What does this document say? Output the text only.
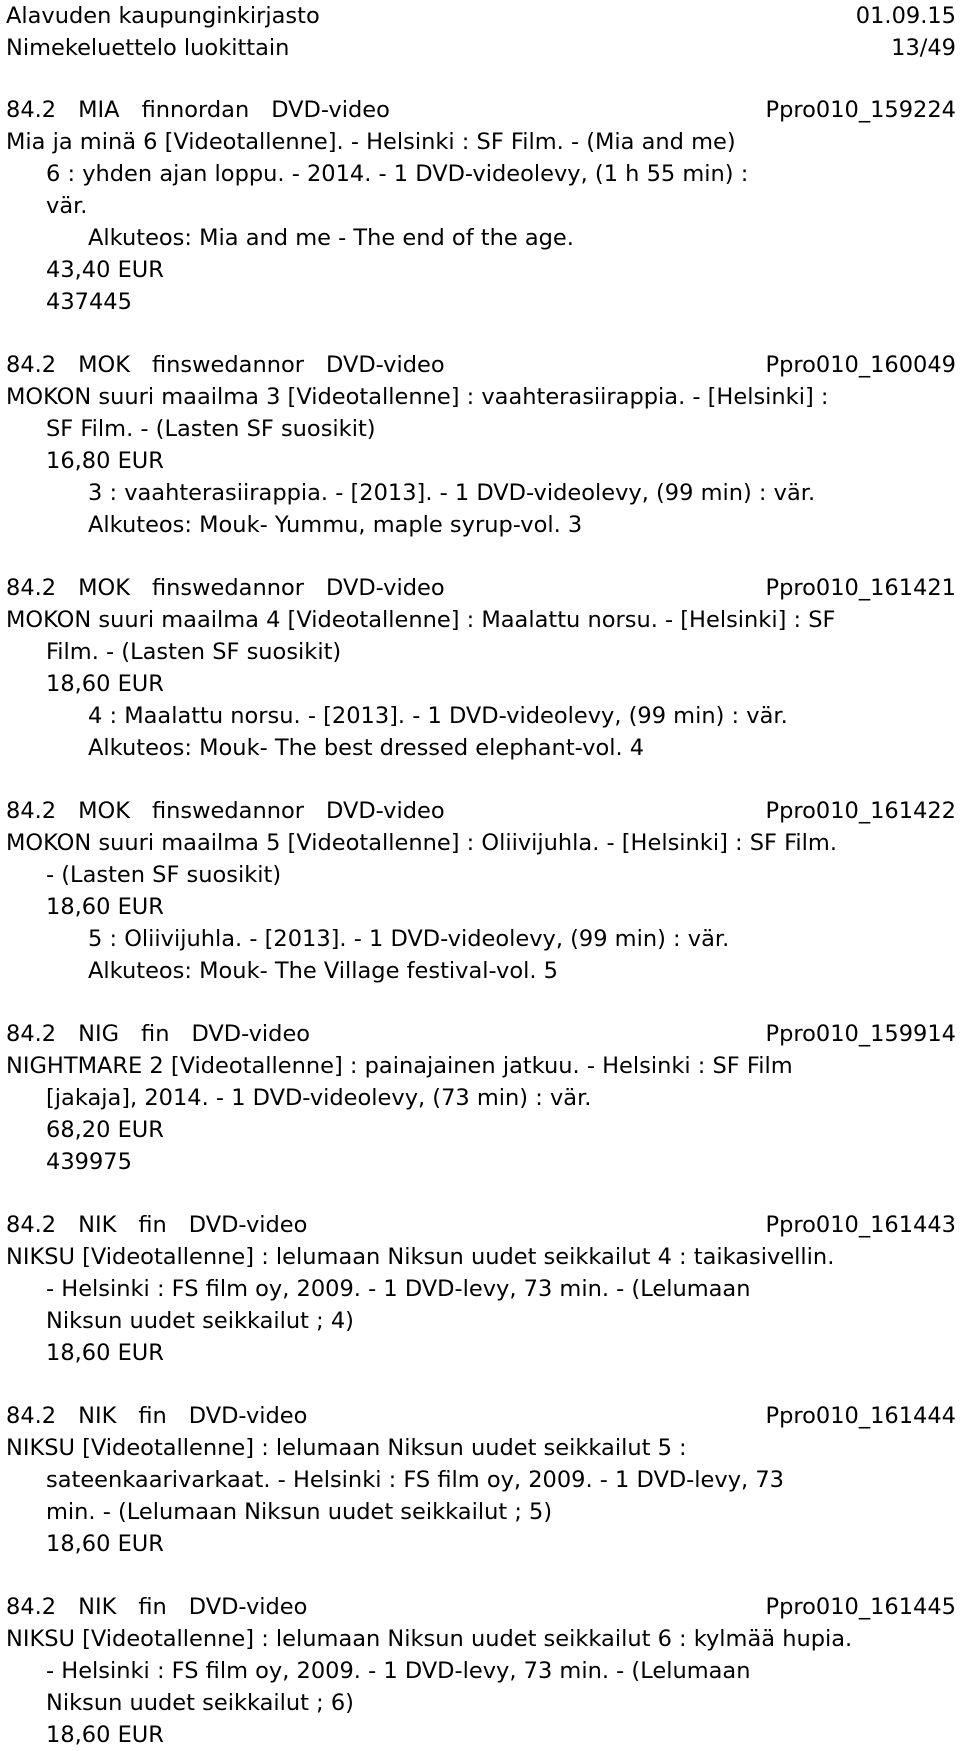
Alavuden kaupunginkirjasto	01.09.15
Nimekeluettelo luokittain	13/49
84.2 MIA finnordan DVD-video	Ppro010_159224
Mia ja minä 6 [Videotallenne]. - Helsinki : SF Film. - (Mia and me)
6 : yhden ajan loppu. - 2014. - 1 DVD-videolevy, (1 h 55 min) :
vär.
Alkuteos: Mia and me - The end of the age.
43,40 EUR
437445
84.2 MOK finswedannor DVD-video	Ppro010_160049
MOKON suuri maailma 3 [Videotallenne] : vaahterasiirappia. - [Helsinki] :
SF Film. - (Lasten SF suosikit)
16,80 EUR
3 : vaahterasiirappia. - [2013]. - 1 DVD-videolevy, (99 min) : vär.
Alkuteos: Mouk- Yummu, maple syrup-vol. 3
84.2 MOK finswedannor DVD-video	Ppro010_161421
MOKON suuri maailma 4 [Videotallenne] : Maalattu norsu. - [Helsinki] : SF
Film. - (Lasten SF suosikit)
18,60 EUR
4 : Maalattu norsu. - [2013]. - 1 DVD-videolevy, (99 min) : vär.
Alkuteos: Mouk- The best dressed elephant-vol. 4
84.2 MOK finswedannor DVD-video	Ppro010_161422
MOKON suuri maailma 5 [Videotallenne] : Oliivijuhla. - [Helsinki] : SF Film.
- (Lasten SF suosikit)
18,60 EUR
5 : Oliivijuhla. - [2013]. - 1 DVD-videolevy, (99 min) : vär.
Alkuteos: Mouk- The Village festival-vol. 5
84.2 NIG fin DVD-video	Ppro010_159914
NIGHTMARE 2 [Videotallenne] : painajainen jatkuu. - Helsinki : SF Film
[jakaja], 2014. - 1 DVD-videolevy, (73 min) : vär.
68,20 EUR
439975
84.2 NIK fin DVD-video	Ppro010_161443
NIKSU [Videotallenne] : lelumaan Niksun uudet seikkailut 4 : taikasivellin.
- Helsinki : FS film oy, 2009. - 1 DVD-levy, 73 min. - (Lelumaan
Niksun uudet seikkailut ; 4)
18,60 EUR
84.2 NIK fin DVD-video	Ppro010_161444
NIKSU [Videotallenne] : lelumaan Niksun uudet seikkailut 5 :
sateenkaarivarkaat. - Helsinki : FS film oy, 2009. - 1 DVD-levy, 73
min. - (Lelumaan Niksun uudet seikkailut ; 5)
18,60 EUR
84.2 NIK fin DVD-video	Ppro010_161445
NIKSU [Videotallenne] : lelumaan Niksun uudet seikkailut 6 : kylmää hupia.
- Helsinki : FS film oy, 2009. - 1 DVD-levy, 73 min. - (Lelumaan
Niksun uudet seikkailut ; 6)
18,60 EUR
